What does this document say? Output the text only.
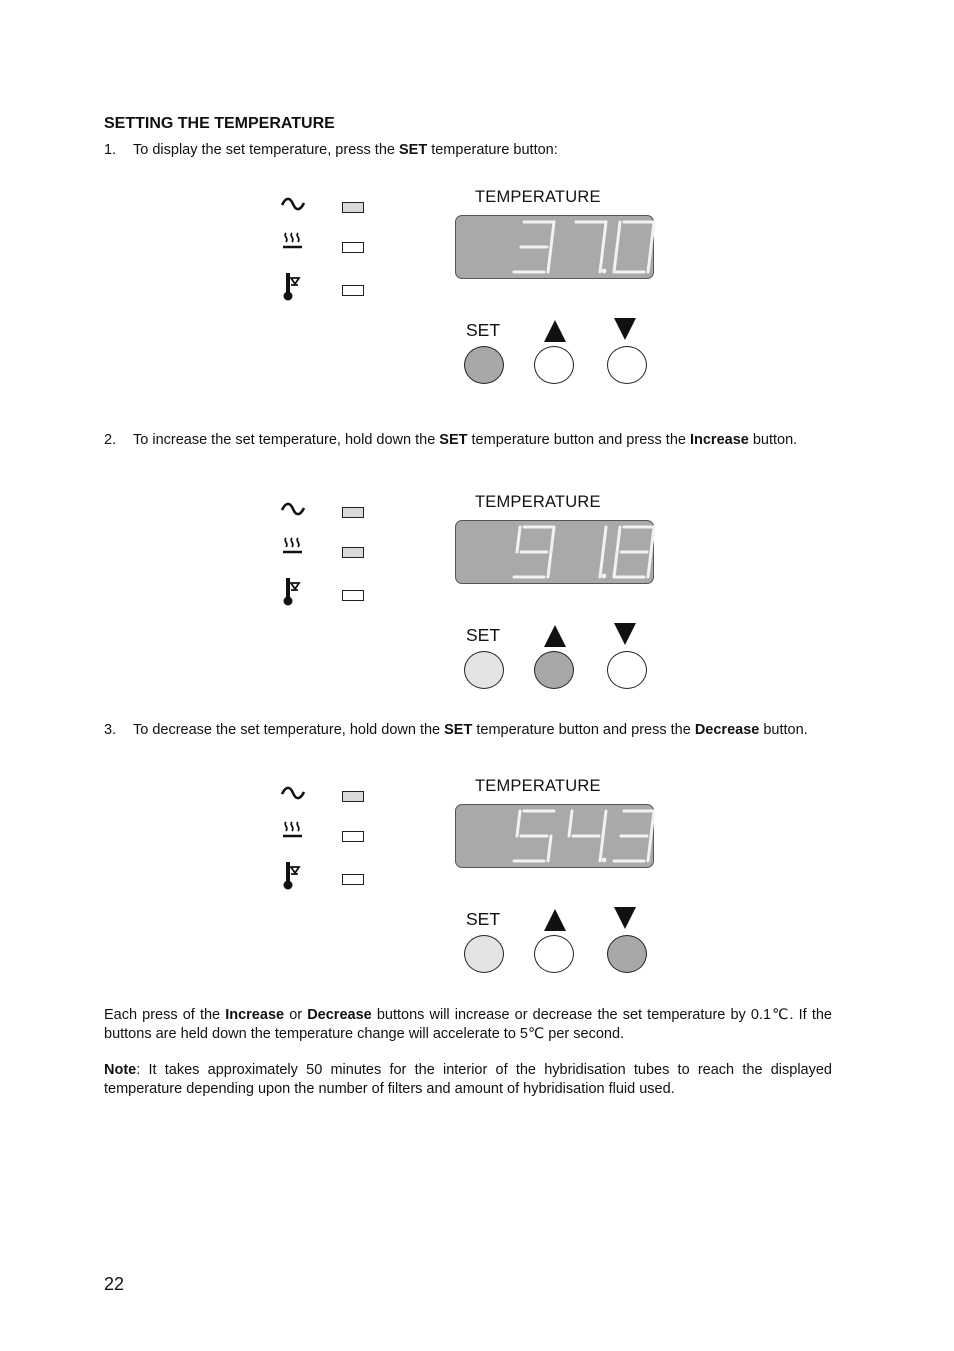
SETTING THE TEMPERATURE
1. To display the set temperature, press the SET temperature button:
TEMPERATURE
SET
2. To increase the set temperature, hold down the SET temperature button and press the Increase button.
TEMPERATURE
SET
3. To decrease the set temperature, hold down the SET temperature button and press the Decrease button.
TEMPERATURE
SET
Each press of the Increase or Decrease buttons will increase or decrease the set temperature by 0.1℃. If the buttons are held down the temperature change will accelerate to 5℃ per second.
Note: It takes approximately 50 minutes for the interior of the hybridisation tubes to reach the displayed temperature depending upon the number of filters and amount of hybridisation fluid used.
22
